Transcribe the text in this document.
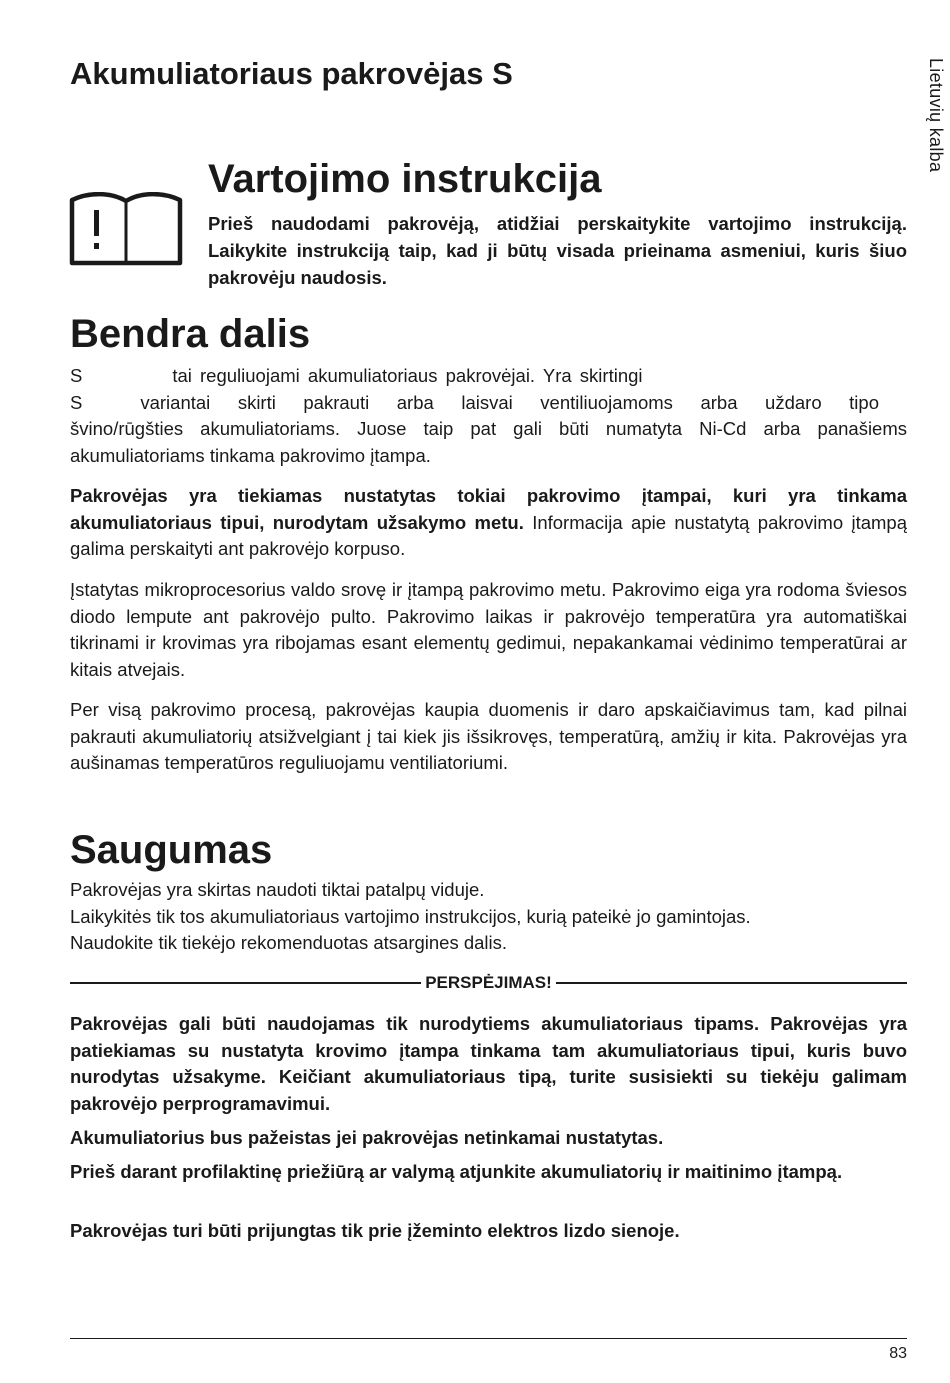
Lietuvių kalba
Akumuliatoriaus pakrovėjas S
Vartojimo instrukcija

Prieš naudodami pakrovėją, atidžiai perskaitykite vartojimo instrukciją. Laikykite instrukciją taip, kad ji būtų visada prieinama asmeniui, kuris šiuo pakrovėju naudosis.

Bendra dalis
S	tai reguliuojami akumuliatoriaus pakrovėjai. Yra skirtingi
S	variantai skirti pakrauti arba laisvai ventiliuojamoms arba uždaro tipo
švino/rūgšties akumuliatoriams. Juose taip pat gali būti numatyta Ni-Cd arba panašiems akumuliatoriams tinkama pakrovimo įtampa.

Pakrovėjas yra tiekiamas nustatytas tokiai pakrovimo įtampai, kuri yra tinkama akumuliatoriaus tipui, nurodytam užsakymo metu. Informacija apie nustatytą pakrovimo įtampą galima perskaityti ant pakrovėjo korpuso.

Įstatytas mikroprocesorius valdo srovę ir įtampą pakrovimo metu. Pakrovimo eiga yra rodoma šviesos diodo lempute ant pakrovėjo pulto. Pakrovimo laikas ir pakrovėjo temperatūra yra automatiškai tikrinami ir krovimas yra ribojamas esant elementų gedimui, nepakankamai vėdinimo temperatūrai ar kitais atvejais.

Per visą pakrovimo procesą, pakrovėjas kaupia duomenis ir daro apskaičiavimus tam, kad pilnai pakrauti akumuliatorių atsižvelgiant į tai kiek jis išsikrovęs, temperatūrą, amžių ir kita. Pakrovėjas yra aušinamas temperatūros reguliuojamu ventiliatoriumi.

Saugumas
Pakrovėjas yra skirtas naudoti tiktai patalpų viduje.
Laikykitės tik tos akumuliatoriaus vartojimo instrukcijos, kurią pateikė jo gamintojas.
Naudokite tik tiekėjo rekomenduotas atsargines dalis.
PERSPĖJIMAS!

Pakrovėjas gali būti naudojamas tik nurodytiems akumuliatoriaus tipams. Pakrovėjas yra patiekiamas su nustatyta krovimo įtampa tinkama tam akumuliatoriaus tipui, kuris buvo nurodytas užsakyme. Keičiant akumuliatoriaus tipą, turite susisiekti su tiekėju galimam pakrovėjo perprogramavimui.

Akumuliatorius bus pažeistas jei pakrovėjas netinkamai nustatytas.

Prieš darant profilaktinę priežiūrą ar valymą atjunkite akumuliatorių ir maitinimo įtampą.

Pakrovėjas turi būti prijungtas tik prie įžeminto elektros lizdo sienoje.

83
